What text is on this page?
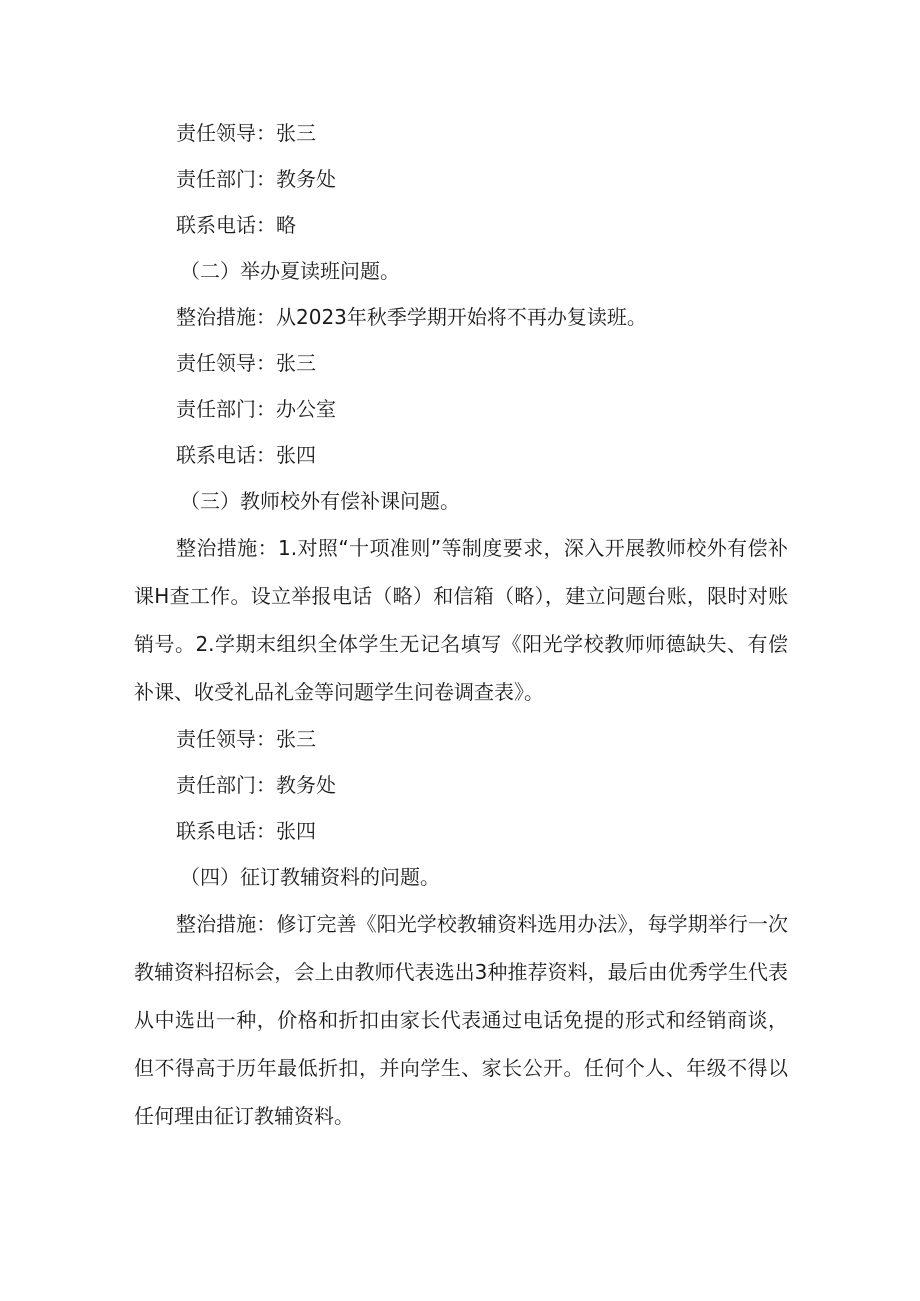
责任领导：张三
责任部门：教务处
联系电话：略
（二）举办夏读班问题。
整治措施：从2023年秋季学期开始将不再办复读班。
责任领导：张三
责任部门：办公室
联系电话：张四
（三）教师校外有偿补课问题。

整治措施：1.对照“十项准则”等制度要求，深入开展教师校外有偿补课H查工作。设立举报电话（略）和信箱（略），建立问题台账，限时对账销号。2.学期末组织全体学生无记名填写《阳光学校教师师德缺失、有偿补课、收受礼品礼金等问题学生问卷调查表》。

责任领导：张三
责任部门：教务处
联系电话：张四
（四）征订教辅资料的问题。

整治措施：修订完善《阳光学校教辅资料选用办法》，每学期举行一次教辅资料招标会，会上由教师代表选出3种推荐资料，最后由优秀学生代表从中选出一种，价格和折扣由家长代表通过电话免提的形式和经销商谈，但不得高于历年最低折扣，并向学生、家长公开。任何个人、年级不得以任何理由征订教辅资料。
